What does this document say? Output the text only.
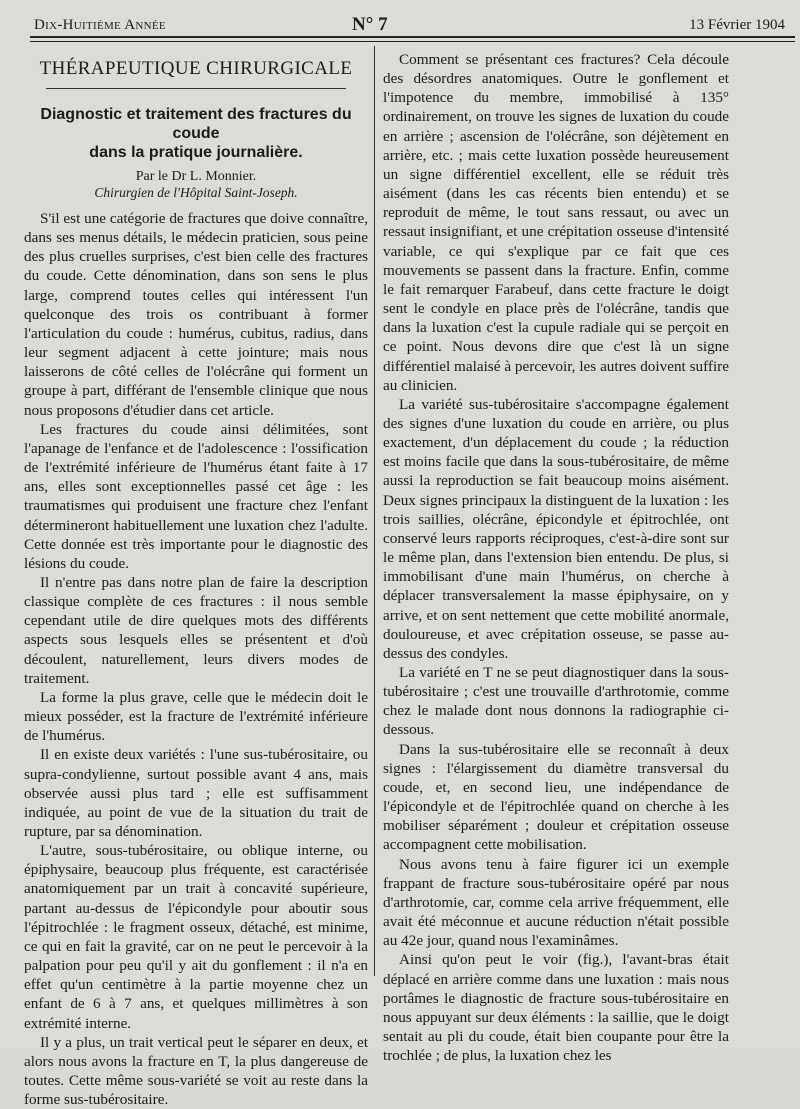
Dix-Huitième Année	N° 7	13 Février 1904
THÉRAPEUTIQUE CHIRURGICALE
Diagnostic et traitement des fractures du coude
dans la pratique journalière.
Par le Dr L. Monnier.
Chirurgien de l'Hôpital Saint-Joseph.

S'il est une catégorie de fractures que doive connaître, dans ses menus détails, le médecin praticien, sous peine des plus cruelles surprises, c'est bien celle des fractures du coude. Cette dénomination, dans son sens le plus large, comprend toutes celles qui intéressent l'un quelconque des trois os contribuant à former l'articulation du coude : humérus, cubitus, radius, dans leur segment adjacent à cette jointure; mais nous laisserons de côté celles de l'olécrâne qui forment un groupe à part, différant de l'ensemble clinique que nous nous proposons d'étudier dans cet article.

Les fractures du coude ainsi délimitées, sont l'apanage de l'enfance et de l'adolescence : l'ossification de l'extrémité inférieure de l'humérus étant faite à 17 ans, elles sont exceptionnelles passé cet âge : les traumatismes qui produisent une fracture chez l'enfant détermineront habituellement une luxation chez l'adulte. Cette donnée est très importante pour le diagnostic des lésions du coude.

Il n'entre pas dans notre plan de faire la description classique complète de ces fractures : il nous semble cependant utile de dire quelques mots des différents aspects sous lesquels elles se présentent et d'où découlent, naturellement, leurs divers modes de traitement.

La forme la plus grave, celle que le médecin doit le mieux posséder, est la fracture de l'extrémité inférieure de l'humérus.

Il en existe deux variétés : l'une sus-tubérositaire, ou supra-condylienne, surtout possible avant 4 ans, mais observée aussi plus tard ; elle est suffisamment indiquée, au point de vue de la situation du trait de rupture, par sa dénomination.

L'autre, sous-tubérositaire, ou oblique interne, ou épiphysaire, beaucoup plus fréquente, est caractérisée anatomiquement par un trait à concavité supérieure, partant au-dessus de l'épicondyle pour aboutir sous l'épitrochlée : le fragment osseux, détaché, est minime, ce qui en fait la gravité, car on ne peut le percevoir à la palpation pour peu qu'il y ait du gonflement : il n'a en effet qu'un centimètre à la partie moyenne chez un enfant de 6 à 7 ans, et quelques millimètres à son extrémité interne.

Il y a plus, un trait vertical peut le séparer en deux, et alors nous avons la fracture en T, la plus dangereuse de toutes. Cette même sous-variété se voit au reste dans la forme sus-tubérositaire.

Comment se présentant ces fractures? Cela découle des désordres anatomiques. Outre le gonflement et l'impotence du membre, immobilisé à 135° ordinairement, on trouve les signes de luxation du coude en arrière ; ascension de l'olécrâne, son déjètement en arrière, etc. ; mais cette luxation possède heureusement un signe différentiel excellent, elle se réduit très aisément (dans les cas récents bien entendu) et se reproduit de même, le tout sans ressaut, ou avec un ressaut insignifiant, et une crépitation osseuse d'intensité variable, ce qui s'explique par ce fait que ces mouvements se passent dans la fracture. Enfin, comme le fait remarquer Farabeuf, dans cette fracture le doigt sent le condyle en place près de l'olécrâne, tandis que dans la luxation c'est la cupule radiale qui se perçoit en ce point. Nous devons dire que c'est là un signe différentiel malaisé à percevoir, les autres doivent suffire au clinicien.

La variété sus-tubérositaire s'accompagne également des signes d'une luxation du coude en arrière, ou plus exactement, d'un déplacement du coude ; la réduction est moins facile que dans la sous-tubérositaire, de même aussi la reproduction se fait beaucoup moins aisément. Deux signes principaux la distinguent de la luxation : les trois saillies, olécrâne, épicondyle et épitrochlée, ont conservé leurs rapports réciproques, c'est-à-dire sont sur le même plan, dans l'extension bien entendu. De plus, si immobilisant d'une main l'humérus, on cherche à déplacer transversalement la masse épiphysaire, on y arrive, et on sent nettement que cette mobilité anormale, douloureuse, et avec crépitation osseuse, se passe au-dessus des condyles.

La variété en T ne se peut diagnostiquer dans la sous-tubérositaire ; c'est une trouvaille d'arthrotomie, comme chez le malade dont nous donnons la radiographie ci-dessous.

Dans la sus-tubérositaire elle se reconnaît à deux signes : l'élargissement du diamètre transversal du coude, et, en second lieu, une indépendance de l'épicondyle et de l'épitrochlée quand on cherche à les mobiliser séparément ; douleur et crépitation osseuse accompagnent cette mobilisation.

Nous avons tenu à faire figurer ici un exemple frappant de fracture sous-tubérositaire opéré par nous d'arthrotomie, car, comme cela arrive fréquemment, elle avait été méconnue et aucune réduction n'était possible au 42e jour, quand nous l'examinâmes.

Ainsi qu'on peut le voir (fig.), l'avant-bras était déplacé en arrière comme dans une luxation : mais nous portâmes le diagnostic de fracture sous-tubérositaire en nous appuyant sur deux éléments : la saillie, que le doigt sentait au pli du coude, était bien coupante pour être la trochlée ; de plus, la luxation chez les
